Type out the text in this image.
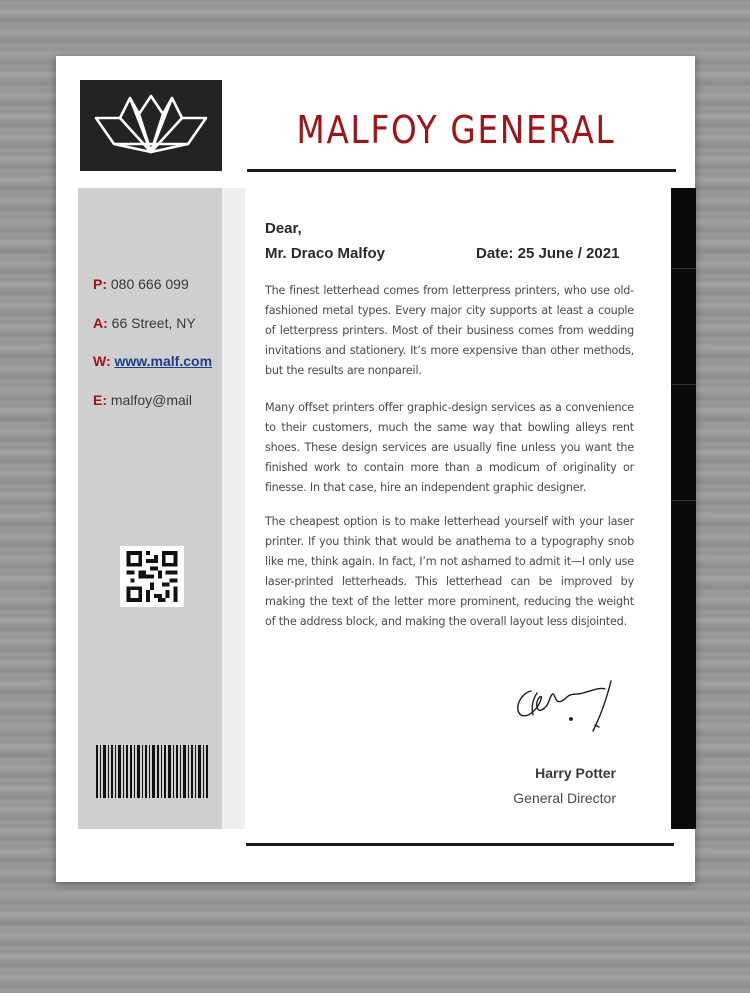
MALFOY GENERAL
P: 080 666 099
A: 66 Street, NY
W: www.malf.com
E: malfoy@mail
Dear,
Mr. Draco Malfoy	Date: 25 June / 2021

The finest letterhead comes from letterpress printers, who use old-fashioned metal types. Every major city supports at least a couple of letterpress printers. Most of their business comes from wedding invitations and stationery. It’s more expensive than other methods, but the results are nonpareil.

Many offset printers offer graphic-design services as a convenience to their customers, much the same way that bowling alleys rent shoes. These design services are usually fine unless you want the finished work to contain more than a modicum of originality or finesse. In that case, hire an independent graphic designer.

The cheapest option is to make letterhead yourself with your laser printer. If you think that would be anathema to a typography snob like me, think again. In fact, I’m not ashamed to admit it—I only use laser-printed letterheads. This letterhead can be improved by making the text of the letter more prominent, reducing the weight of the address block, and making the overall layout less disjointed.

Harry Potter
General Director
